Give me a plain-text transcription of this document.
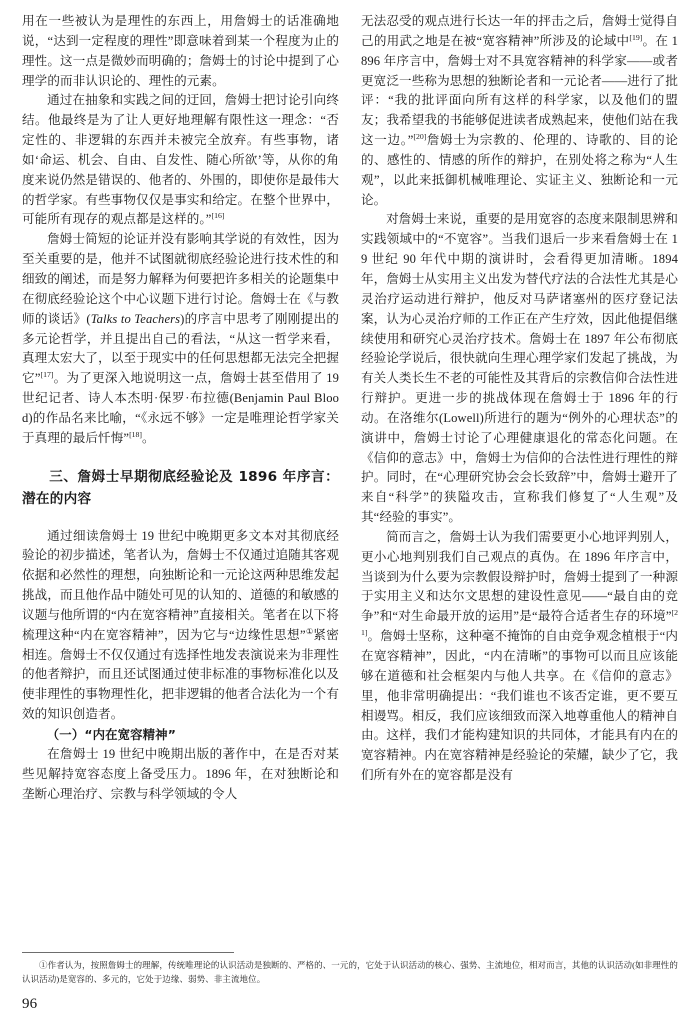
用在一些被认为是理性的东西上，用詹姆士的话准确地说，“达到一定程度的理性”即意味着到某一个程度为止的理性。这一点是微妙而明确的；詹姆士的讨论中提到了心理学的而非认识论的、理性的元素。

通过在抽象和实践之间的迂回，詹姆士把讨论引向终结。他最终是为了让人更好地理解有限性这一理念：“否定性的、非逻辑的东西并未被完全放弃。有些事物，诸如‘命运、机会、自由、自发性、随心所欲’等，从你的角度来说仍然是错误的、他者的、外围的，即使你是最伟大的哲学家。有些事物仅仅是事实和给定。在整个世界中，可能所有现存的观点都是这样的。”[16]

詹姆士简短的论证并没有影响其学说的有效性，因为至关重要的是，他并不试图就彻底经验论进行技术性的和细致的阐述，而是努力解释为何要把许多相关的论题集中在彻底经验论这个中心议题下进行讨论。詹姆士在《与教师的谈话》(Talks to Teachers)的序言中思考了刚刚提出的多元论哲学，并且提出自己的看法，“从这一哲学来看，真理太宏大了，以至于现实中的任何思想都无法完全把握它”[17]。为了更深入地说明这一点，詹姆士甚至借用了 19 世纪记者、诗人本杰明·保罗·布拉德(Benjamin Paul Blood)的作品名来比喻，“《永远不够》一定是唯理论哲学家关于真理的最后忏悔”[18]。

三、詹姆士早期彻底经验论及 1896 年序言：潜在的内容

通过细读詹姆士 19 世纪中晚期更多文本对其彻底经验论的初步描述，笔者认为，詹姆士不仅通过追随其客观依据和必然性的理想，向独断论和一元论这两种思维发起挑战，而且他作品中随处可见的认知的、道德的和敏感的议题与他所谓的“内在宽容精神”直接相关。笔者在以下将梳理这种“内在宽容精神”，因为它与“边缘性思想”①紧密相连。詹姆士不仅仅通过有选择性地发表演说来为非理性的他者辩护，而且还试图通过使非标准的事物标准化以及使非理性的事物理性化，把非逻辑的他者合法化为一个有效的知识创造者。

（一）“内在宽容精神”

在詹姆士 19 世纪中晚期出版的著作中，在是否对某些见解持宽容态度上备受压力。1896 年，在对独断论和垄断心理治疗、宗教与科学领域的令人

无法忍受的观点进行长达一年的抨击之后，詹姆士觉得自己的用武之地是在被“宽容精神”所涉及的论域中[19]。在 1896 年序言中，詹姆士对不具宽容精神的科学家——或者更宽泛一些称为思想的独断论者和一元论者——进行了批评：“我的批评面向所有这样的科学家，以及他们的盟友；我希望我的书能够促进读者成熟起来，使他们站在我这一边。”[20]詹姆士为宗教的、伦理的、诗歌的、目的论的、感性的、情感的所作的辩护，在别处将之称为“人生观”，以此来抵御机械唯理论、实证主义、独断论和一元论。

对詹姆士来说，重要的是用宽容的态度来限制思辨和实践领域中的“不宽容”。当我们退后一步来看詹姆士在 19 世纪 90 年代中期的演讲时，会看得更加清晰。1894 年，詹姆士从实用主义出发为替代疗法的合法性尤其是心灵治疗运动进行辩护，他反对马萨诸塞州的医疗登记法案，认为心灵治疗师的工作正在产生疗效，因此他提倡继续使用和研究心灵治疗技术。詹姆士在 1897 年公布彻底经验论学说后，很快就向生理心理学家们发起了挑战，为有关人类长生不老的可能性及其背后的宗教信仰合法性进行辩护。更进一步的挑战体现在詹姆士于 1896 年的行动。在洛维尔(Lowell)所进行的题为“例外的心理状态”的演讲中，詹姆士讨论了心理健康退化的常态化问题。在《信仰的意志》中，詹姆士为信仰的合法性进行理性的辩护。同时，在“心理研究协会会长致辞”中，詹姆士避开了来自“科学”的狭隘攻击，宣称我们修复了“人生观”及其“经验的事实”。

简而言之，詹姆士认为我们需要更小心地评判别人，更小心地判别我们自己观点的真伪。在 1896 年序言中，当谈到为什么要为宗教假设辩护时，詹姆士提到了一种源于实用主义和达尔文思想的建设性意见——“最自由的竞争”和“对生命最开放的运用”是“最符合适者生存的环境”[21]。詹姆士坚称，这种毫不掩饰的自由竞争观念植根于“内在宽容精神”，因此，“内在清晰”的事物可以而且应该能够在道德和社会框架内与他人共享。在《信仰的意志》里，他非常明确提出：“我们谁也不该否定谁，更不要互相谩骂。相反，我们应该细致而深入地尊重他人的精神自由。这样，我们才能构建知识的共同体，才能具有内在的宽容精神。内在宽容精神是经验论的荣耀，缺少了它，我们所有外在的宽容都是没有

①作者认为，按照詹姆士的理解，传统唯理论的认识活动是独断的、严格的、一元的，它处于认识活动的核心、强势、主流地位，相对而言，其他的认识活动(如非理性的认识活动)是宽容的、多元的，它处于边缘、弱势、非主流地位。

96
